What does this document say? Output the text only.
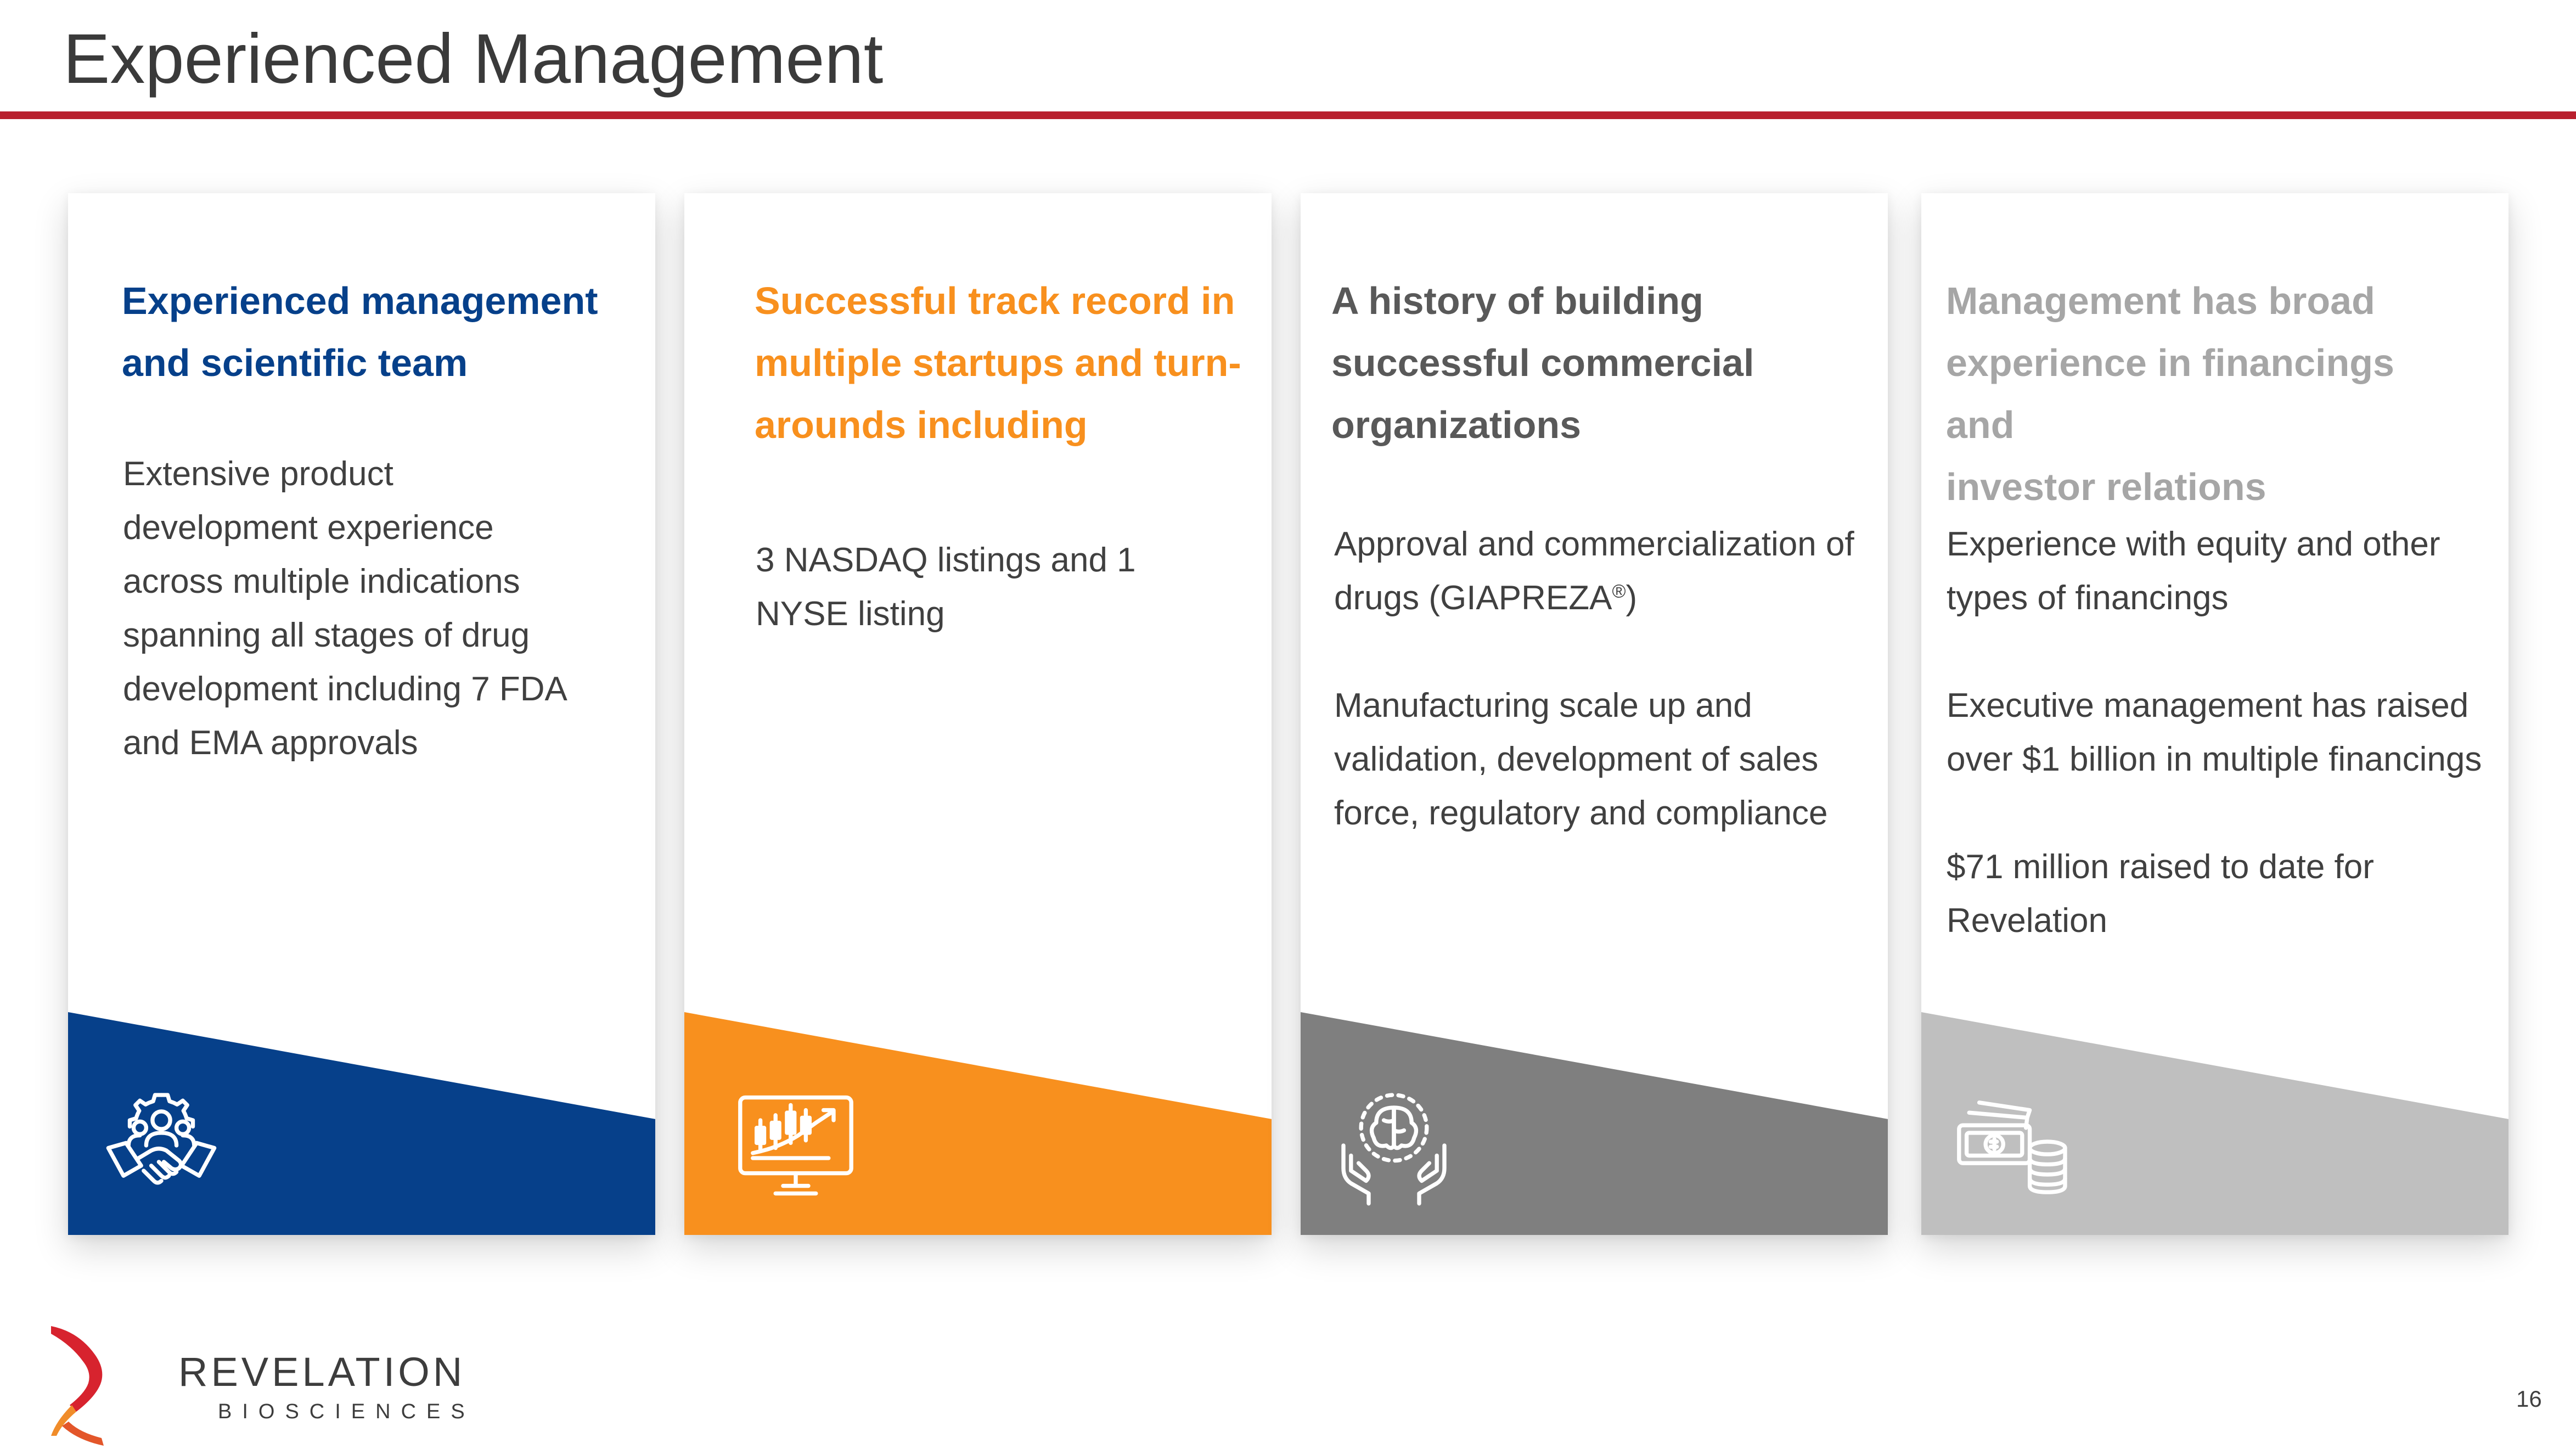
Experienced Management
Experienced management
and scientific team

Extensive product development experience across multiple indications spanning all stages of drug development including 7 FDA and EMA approvals

Successful track record in
multiple startups and turn-
arounds including

3 NASDAQ listings and 1 NYSE listing

A history of building
successful commercial
organizations

Approval and commercialization of drugs (GIAPREZA®)

Manufacturing scale up and validation, development of sales force, regulatory and compliance

Management has broad
experience in financings and
investor relations

Experience with equity and other types of financings

Executive management has raised over $1 billion in multiple financings

$71 million raised to date for Revelation

REVELATION
BIOSCIENCES	16
